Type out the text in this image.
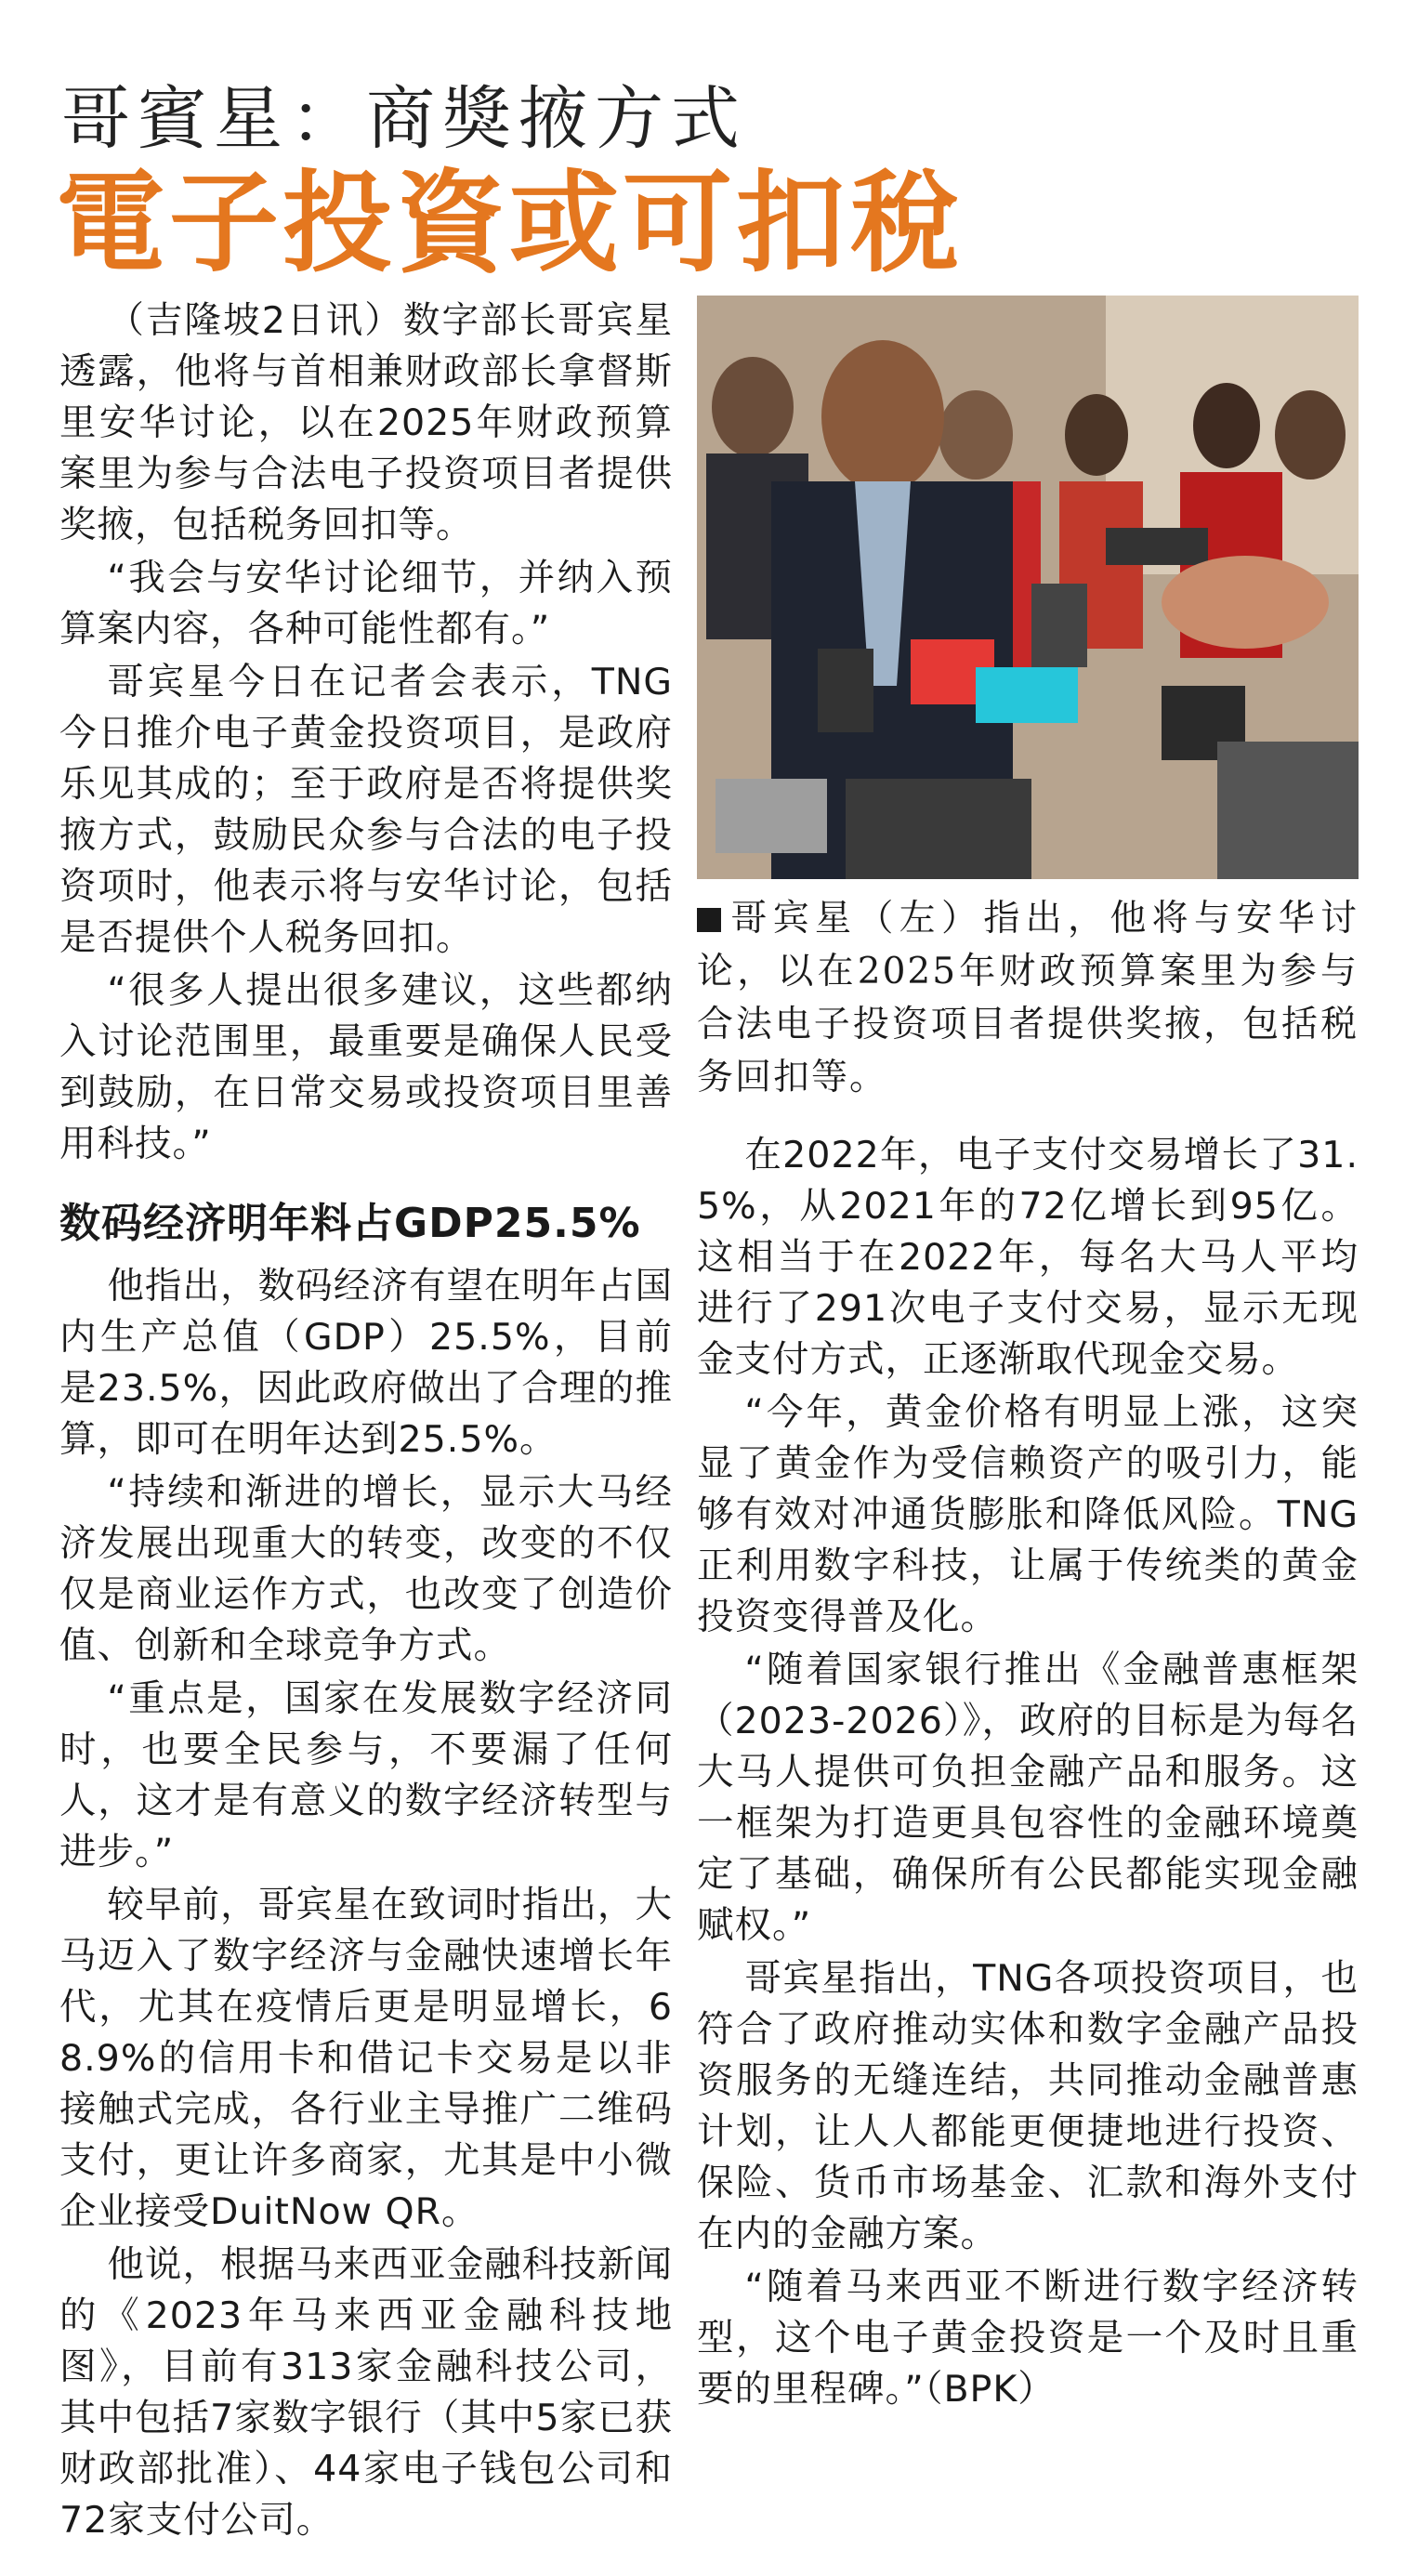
哥賓星：商獎掖方式
電子投資或可扣稅

（吉隆坡2日讯）数字部长哥宾星透露，他将与首相兼财政部长拿督斯里安华讨论，以在2025年财政预算案里为参与合法电子投资项目者提供奖掖，包括税务回扣等。

“我会与安华讨论细节，并纳入预算案内容，各种可能性都有。”

哥宾星今日在记者会表示，TNG今日推介电子黄金投资项目，是政府乐见其成的；至于政府是否将提供奖掖方式，鼓励民众参与合法的电子投资项时，他表示将与安华讨论，包括是否提供个人税务回扣。

“很多人提出很多建议，这些都纳入讨论范围里，最重要是确保人民受到鼓励，在日常交易或投资项目里善用科技。”

数码经济明年料占GDP25.5%

他指出，数码经济有望在明年占国内生产总值（GDP）25.5%，目前是23.5%，因此政府做出了合理的推算，即可在明年达到25.5%。

“持续和渐进的增长，显示大马经济发展出现重大的转变，改变的不仅仅是商业运作方式，也改变了创造价值、创新和全球竞争方式。

“重点是，国家在发展数字经济同时，也要全民参与，不要漏了任何人，这才是有意义的数字经济转型与进步。”

较早前，哥宾星在致词时指出，大马迈入了数字经济与金融快速增长年代，尤其在疫情后更是明显增长，68.9%的信用卡和借记卡交易是以非接触式完成，各行业主导推广二维码支付，更让许多商家，尤其是中小微企业接受DuitNow QR。

他说，根据马来西亚金融科技新闻的《2023年马来西亚金融科技地图》，目前有313家金融科技公司，其中包括7家数字银行（其中5家已获财政部批准）、44家电子钱包公司和72家支付公司。

哥宾星（左）指出，他将与安华讨论，以在2025年财政预算案里为参与合法电子投资项目者提供奖掖，包括税务回扣等。

在2022年，电子支付交易增长了31.5%，从2021年的72亿增长到95亿。这相当于在2022年，每名大马人平均进行了291次电子支付交易，显示无现金支付方式，正逐渐取代现金交易。

“今年，黄金价格有明显上涨，这突显了黄金作为受信赖资产的吸引力，能够有效对冲通货膨胀和降低风险。TNG正利用数字科技，让属于传统类的黄金投资变得普及化。

“随着国家银行推出《金融普惠框架（2023-2026）》，政府的目标是为每名大马人提供可负担金融产品和服务。这一框架为打造更具包容性的金融环境奠定了基础，确保所有公民都能实现金融赋权。”

哥宾星指出，TNG各项投资项目，也符合了政府推动实体和数字金融产品投资服务的无缝连结，共同推动金融普惠计划，让人人都能更便捷地进行投资、保险、货币市场基金、汇款和海外支付在内的金融方案。

“随着马来西亚不断进行数字经济转型，这个电子黄金投资是一个及时且重要的里程碑。”（BPK）
